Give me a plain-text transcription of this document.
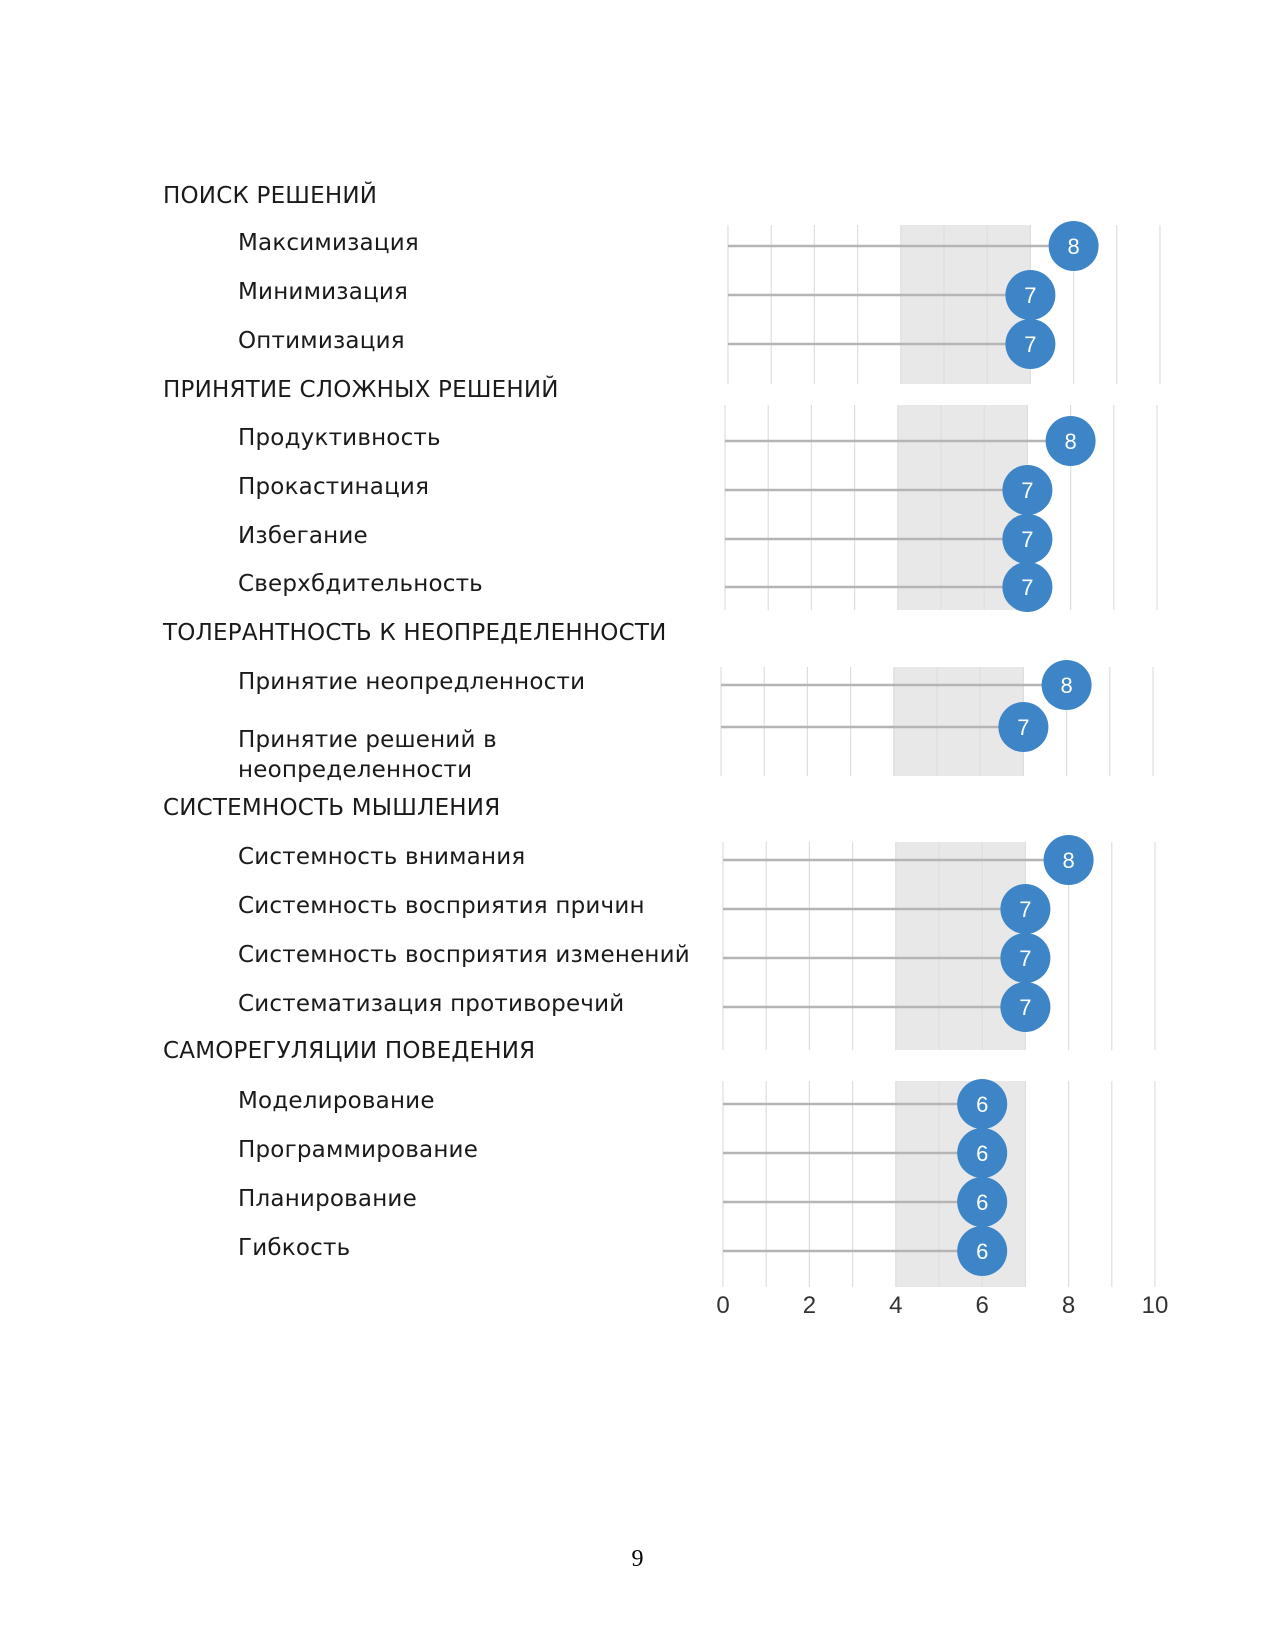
ПОИСК РЕШЕНИЙ
Максимизация
Минимизация
Оптимизация
ПРИНЯТИЕ СЛОЖНЫХ РЕШЕНИЙ
Продуктивность
Прокастинация
Избегание
Сверхбдительность
ТОЛЕРАНТНОСТЬ К НЕОПРЕДЕЛЕННОСТИ
Принятие неопредленности
Принятие решений в
неопределенности
СИСТЕМНОСТЬ МЫШЛЕНИЯ
Системность внимания
Системность восприятия причин
Системность восприятия изменений
Систематизация противоречий
САМОРЕГУЛЯЦИИ ПОВЕДЕНИЯ
Моделирование
Программирование
Планирование
Гибкость
8
7
7
8
7
7
7
8
7
8
7
7
7
6
6
6
6
0	2	4	6	8	10
9
